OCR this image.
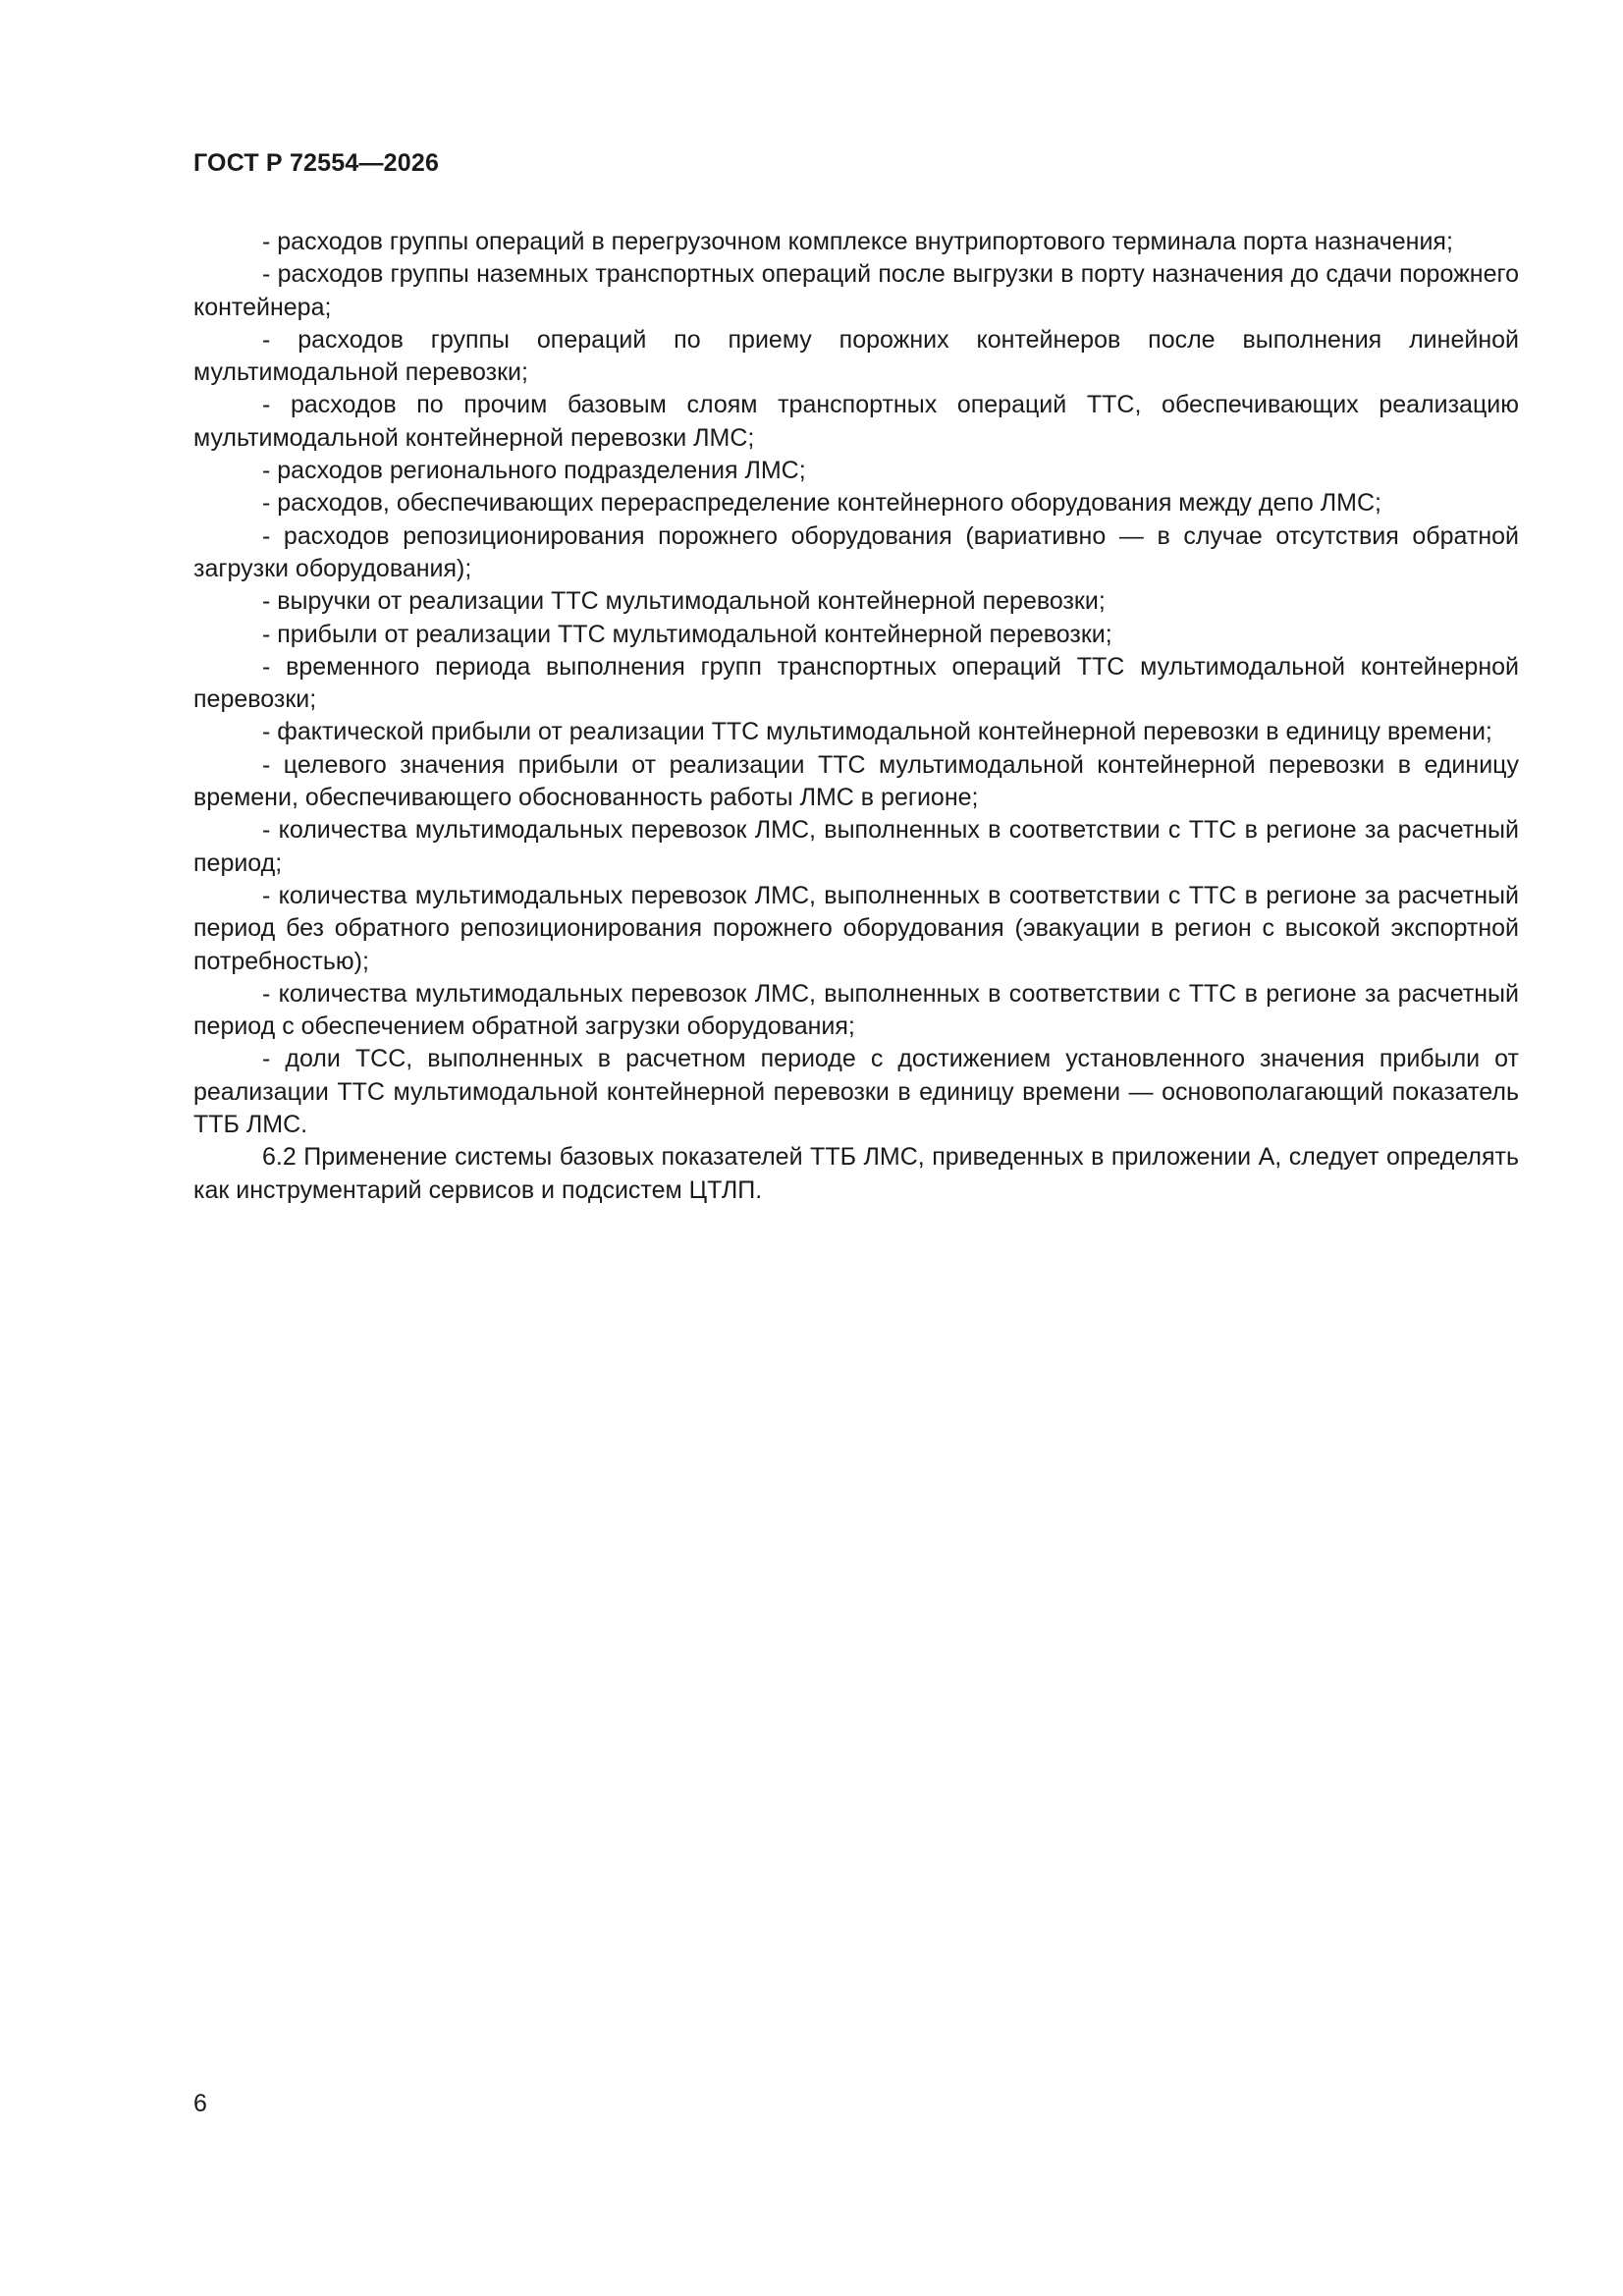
ГОСТ Р 72554—2026

- расходов группы операций в перегрузочном комплексе внутрипортового терминала порта назначения;

- расходов группы наземных транспортных операций после выгрузки в порту назначения до сдачи порожнего контейнера;

- расходов группы операций по приему порожних контейнеров после выполнения линейной мультимодальной перевозки;

- расходов по прочим базовым слоям транспортных операций ТТС, обеспечивающих реализацию мультимодальной контейнерной перевозки ЛМС;

- расходов регионального подразделения ЛМС;

- расходов, обеспечивающих перераспределение контейнерного оборудования между депо ЛМС;

- расходов репозиционирования порожнего оборудования (вариативно — в случае отсутствия обратной загрузки оборудования);

- выручки от реализации ТТС мультимодальной контейнерной перевозки;

- прибыли от реализации ТТС мультимодальной контейнерной перевозки;

- временного периода выполнения групп транспортных операций ТТС мультимодальной контейнерной перевозки;

- фактической прибыли от реализации ТТС мультимодальной контейнерной перевозки в единицу времени;

- целевого значения прибыли от реализации ТТС мультимодальной контейнерной перевозки в единицу времени, обеспечивающего обоснованность работы ЛМС в регионе;

- количества мультимодальных перевозок ЛМС, выполненных в соответствии с ТТС в регионе за расчетный период;

- количества мультимодальных перевозок ЛМС, выполненных в соответствии с ТТС в регионе за расчетный период без обратного репозиционирования порожнего оборудования (эвакуации в регион с высокой экспортной потребностью);

- количества мультимодальных перевозок ЛМС, выполненных в соответствии с ТТС в регионе за расчетный период с обеспечением обратной загрузки оборудования;

- доли ТСС, выполненных в расчетном периоде с достижением установленного значения прибыли от реализации ТТС мультимодальной контейнерной перевозки в единицу времени — основополагающий показатель ТТБ ЛМС.

6.2 Применение системы базовых показателей ТТБ ЛМС, приведенных в приложении А, следует определять как инструментарий сервисов и подсистем ЦТЛП.

6
